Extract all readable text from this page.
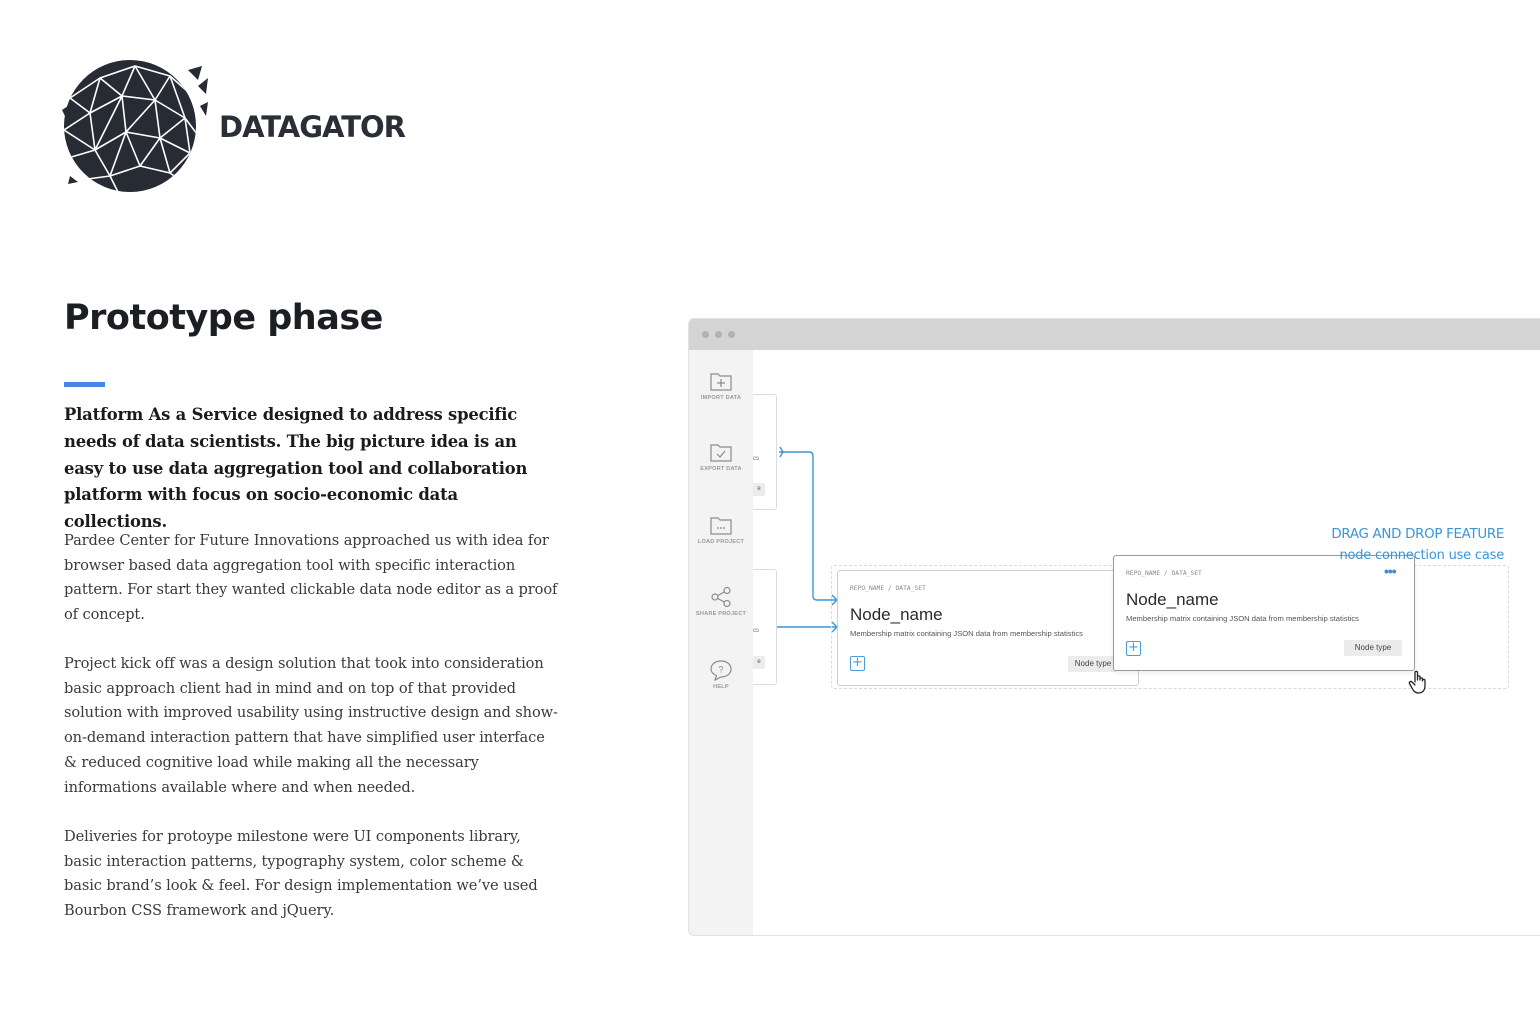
DATAGATOR
Prototype phase

Platform As a Service designed to address specific needs of data scientists. The big picture idea is an easy to use data aggregation tool and collaboration platform with focus on socio-economic data collections.

Pardee Center for Future Innovations approached us with idea for browser based data aggregation tool with specific interaction pattern. For start they wanted clickable data node editor as a proof of concept.

Project kick off was a design solution that took into consideration basic approach client had in mind and on top of that provided solution with improved usability using instructive design and show-on-demand interaction pattern that have simplified user interface & reduced cognitive load while making all the necessary informations available where and when needed.

Deliveries for protoype milestone were UI components library, basic interaction patterns, typography system, color scheme & basic brand’s look & feel. For design implementation we’ve used Bourbon CSS framework and jQuery.

IMPORT DATA
EXPORT DATA
LOAD PROJECT
SHARE PROJECT
?
HELP
cs
e
cs
e
REPO_NAME / DATA_SET
Node_name
Membership matrix containing JSON data from membership statistics
+	Node type
REPO_NAME / DATA_SET	•••
Node_name
Membership matrix containing JSON data from membership statistics
+	Node type
DRAG AND DROP FEATURE
node connection use case
